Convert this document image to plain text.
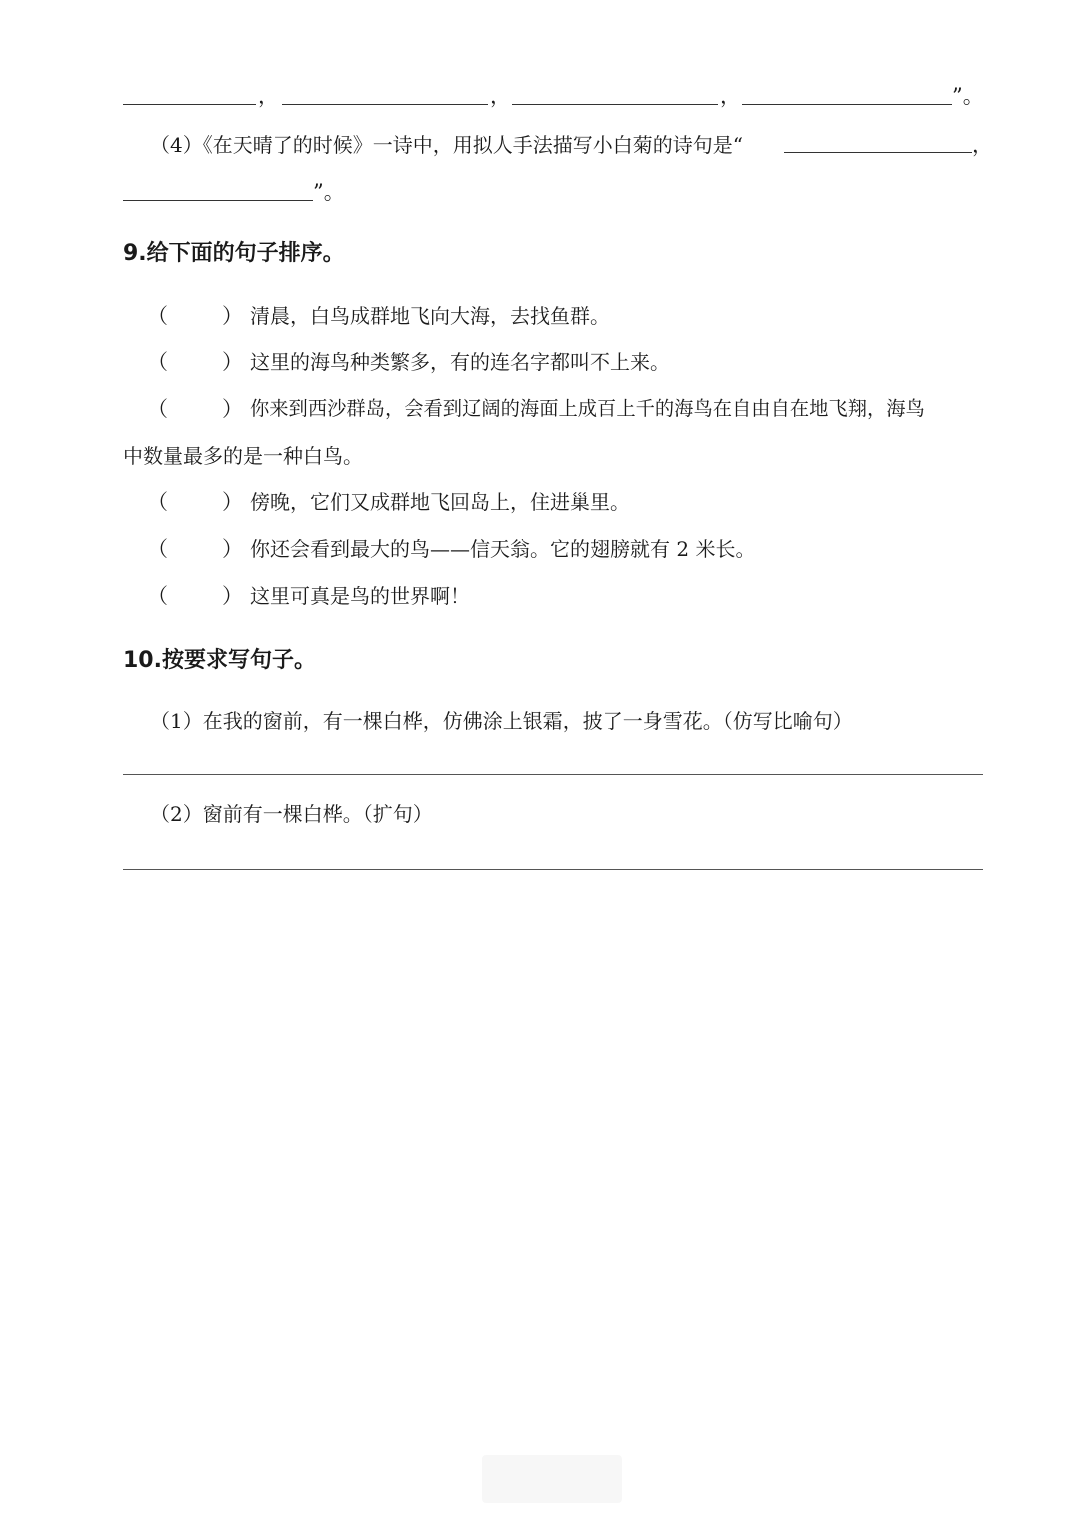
，	，	，	”。
（4）《在天晴了的时候》一诗中，用拟人手法描写小白菊的诗句是“	，
”。
9.给下面的句子排序。
（	） 清晨，白鸟成群地飞向大海，去找鱼群。
（	） 这里的海鸟种类繁多，有的连名字都叫不上来。
（	） 你来到西沙群岛，会看到辽阔的海面上成百上千的海鸟在自由自在地飞翔，海鸟
中数量最多的是一种白鸟。
（	） 傍晚，它们又成群地飞回岛上，住进巢里。
（	） 你还会看到最大的鸟——信天翁。它的翅膀就有 2 米长。
（	） 这里可真是鸟的世界啊！
10.按要求写句子。
（1）在我的窗前，有一棵白桦，仿佛涂上银霜，披了一身雪花。（仿写比喻句）
（2）窗前有一棵白桦。（扩句）
